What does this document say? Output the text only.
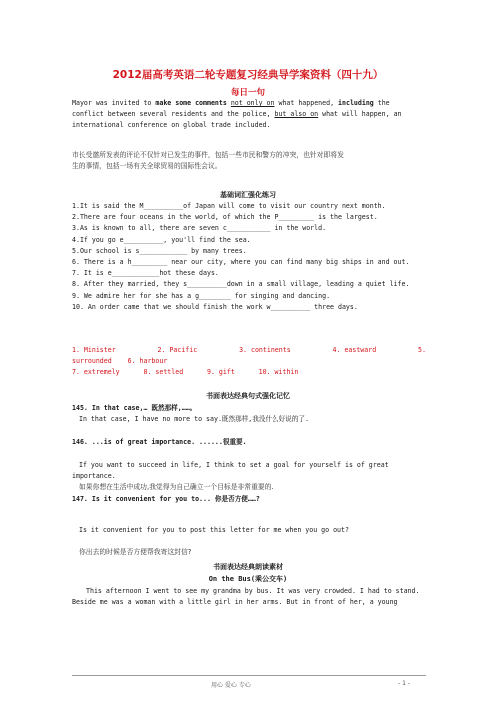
2012届高考英语二轮专题复习经典导学案资料（四十九）
每日一句
Mayor was invited to make some comments not only on what happened, including the
conflict between several residents and the police, but also on what will happen, an
international conference on global trade included.
市长受邀所发表的评论不仅针对已发生的事件，包括一些市民和警方的冲突，也针对即将发
生的事情，包括一场有关全球贸易的国际性会议。
基础词汇强化练习
1.It is said the M__________of Japan will come to visit our country next month.
2.There are four oceans in the world, of which the P_________ is the largest.
3.As is known to all, there are seven c___________ in the world.
4.If you go e__________, you'll find the sea.
5.Our school is s____________ by many trees.
6. There is a h_________ near our city, where you can find many big ships in and out.
7. It is e____________hot these days.
8. After they married, they s__________down in a small village, leading a quiet life.
9. We admire her for she has a g________ for singing and dancing.
10. An order came that we should finish the work w__________ three days.
1. Minister	2. Pacific	3. continents	4. eastward	5.
surrounded 6. harbour
7. extremely	8. settled	9. gift	10. within
书面表达经典句式强化记忆
145. In that case,… 既然那样,……。
In that case, I have no more to say.既然那样,我没什么好说的了.
146. ...is of great importance. ......很重要.
If you want to succeed in life, I think to set a goal for yourself is of great
importance.
如果你想在生活中成功,我觉得为自己确立一个目标是非常重要的.
147. Is it convenient for you to... 你是否方便……?
Is it convenient for you to post this letter for me when you go out?
你出去的时候是否方便帮我寄这封信?
书面表达经典朗读素材
On the Bus(乘公交车)
This afternoon I went to see my grandma by bus. It was very crowded. I had to stand.
Beside me was a woman with a little girl in her arms. But in front of her, a young
用心 爱心 专心	- 1 -
